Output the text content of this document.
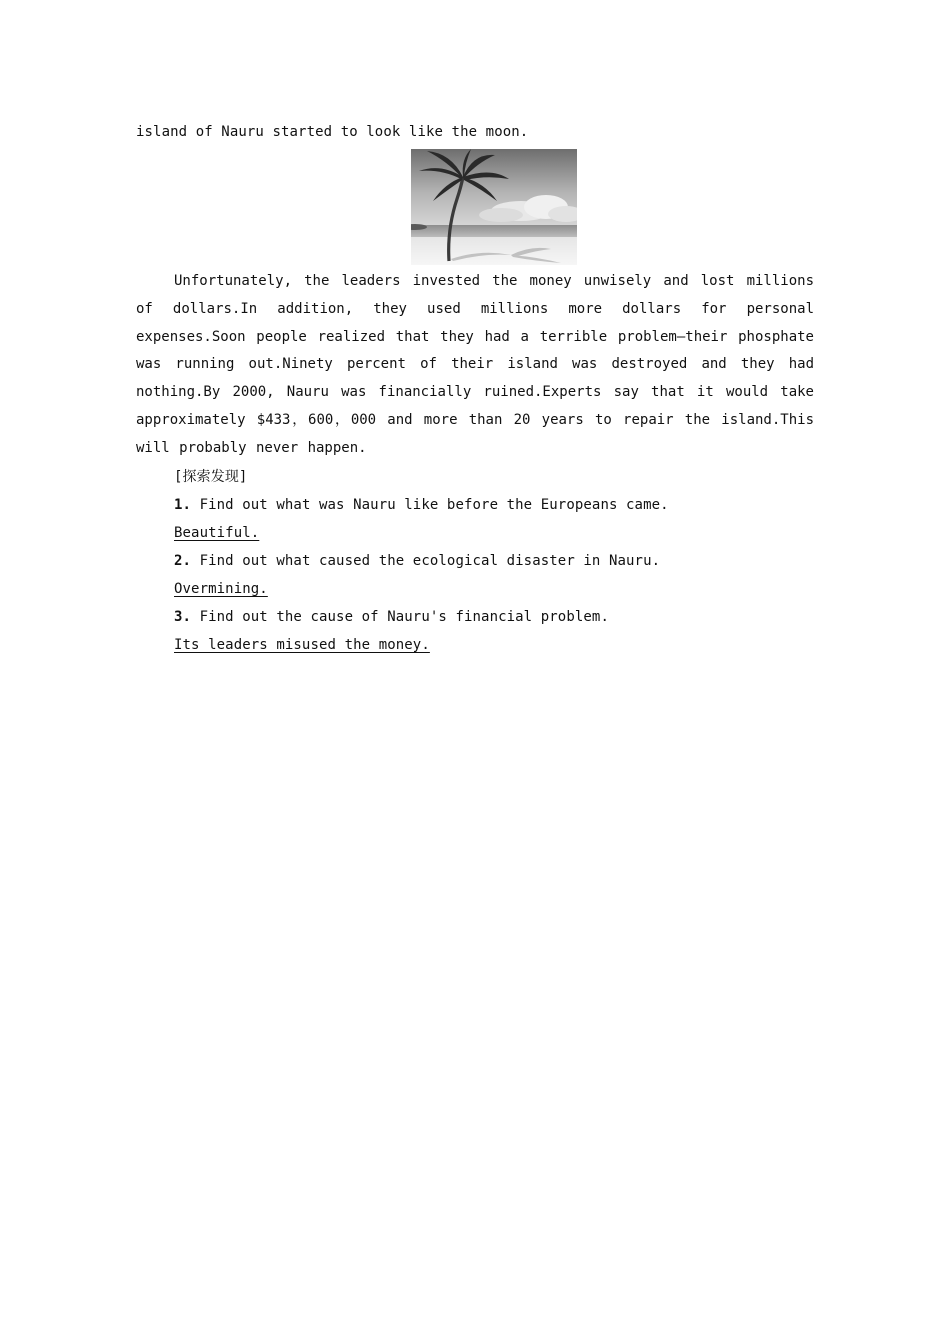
island of Nauru started to look like the moon.

Unfortunately, the leaders invested the money unwisely and lost millions of dollars.In addition, they used millions more dollars for personal expenses.Soon people realized that they had a terrible problem—their phosphate was running out.Ninety percent of their island was destroyed and they had nothing.By 2000, Nauru was financially ruined.Experts say that it would take approximately $433，600，000 and more than 20 years to repair the island.This will probably never happen.

[探索发现]
1. Find out what was Nauru like before the Europeans came.
Beautiful.
2. Find out what caused the ecological disaster in Nauru.
Overmining.
3. Find out the cause of Nauru's financial problem.
Its leaders misused the money.
